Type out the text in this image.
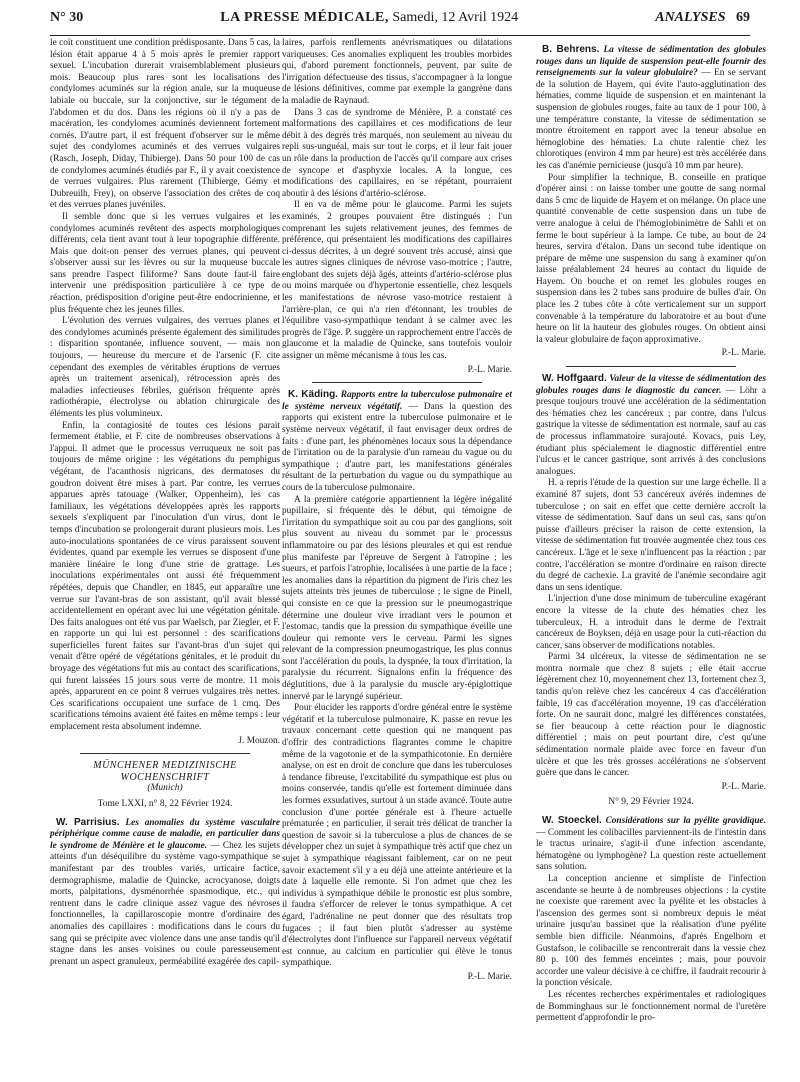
N° 30	LA PRESSE MÉDICALE, Samedi, 12 Avril 1924	ANALYSES 69

le coït constituent une condition prédisposante. Dans 5 cas, la lésion était apparue 4 à 5 mois après le premier rapport sexuel. L'incubation durerait vraisemblablement plusieurs mois. Beaucoup plus rares sont les localisations des condylomes acuminés sur la région anale, sur la muqueuse labiale ou buccale, sur la conjonctive, sur le tégument de l'abdomen et du dos. Dans les régions où il n'y a pas de macération, les condylomes acuminés deviennent fortement cornés. D'autre part, il est fréquent d'observer sur le même sujet des condylomes acuminés et des verrues vulgaires (Rasch, Joseph, Diday, Thibierge). Dans 50 pour 100 de cas de condylomes acuminés étudiés par F., il y avait coexistence de verrues vulgaires. Plus rarement (Thibierge, Gémy et Dubreuilh, Frey), on observe l'association des crêtes de coq et des verrues planes juvéniles.

Il semble donc que si les verrues vulgaires et les condylomes acuminés revêtent des aspects morphologiques différents, cela tient avant tout à leur topographie différente. Mais que doit-on penser des verrues planes, qui peuvent s'observer aussi sur les lèvres ou sur la muqueuse buccale sans prendre l'aspect filiforme? Sans doute faut-il faire intervenir une prédisposition particulière à ce type de réaction, prédisposition d'origine peut-être endocrinienne, et plus fréquente chez les jeunes filles.

L'évolution des verrues vulgaires, des verrues planes et des condylomes acuminés présente également des similitudes : disparition spontanée, influence souvent, — mais non toujours, — heureuse du mercure et de l'arsenic (F. cite cependant des exemples de véritables éruptions de verrues après un traitement arsenical), rétrocession après des maladies infectieuses fébriles, guérison fréquente après radiothérapie, électrolyse ou ablation chirurgicale des éléments les plus volumineux.

Enfin, la contagiosité de toutes ces lésions parait fermement établie, et F. cite de nombreuses observations à l'appui. Il admet que le processus verruqueux ne soit pas toujours de même origine : les végétations du pemphigus végétant, de l'acanthosis nigricans, des dermatoses du goudron doivent être mises à part. Par contre, les verrues apparues après tatouage (Walker, Oppenheim), les cas familiaux, les végétations développées après les rapports sexuels s'expliquent par l'inoculation d'un virus, dont le temps d'incubation se prolongerait durant plusieurs mois. Les auto-inoculations spontanées de ce virus paraissent souvent évidentes, quand par exemple les verrues se disposent d'une manière linéaire le long d'une strie de grattage. Les inoculations expérimentales ont aussi été fréquemment répétées, depuis que Chandler, en 1845, eut apparaître une verrue sur l'avant-bras de son assistant, qu'il avait blessé accidentellement en opérant avec lui une végétation génitale. Des faits analogues ont été vus par Waelsch, par Ziegler, et F. en rapporte un qui lui est personnel : des scarifications superficielles furent faites sur l'avant-bras d'un sujet qui venait d'être opéré de végétations génitales, et le produit du broyage des végétations fut mis au contact des scarifications, qui furent laissées 15 jours sous verre de montre. 11 mois après, apparurent en ce point 8 verrues vulgaires très nettes. Ces scarifications occupaient une surface de 1 cmq. Des scarifications témoins avaient été faites en même temps : leur emplacement resta absolument indemne.

J. Mouzon.

MÜNCHENER MEDIZINISCHE WOCHENSCHRIFT

(Munich)

Tome LXXI, n° 8, 22 Février 1924.

W. Parrisius. Les anomalies du système vasculaire périphérique comme cause de maladie, en particulier dans le syndrome de Ménière et le glaucome. — Chez les sujets atteints d'un déséquilibre du système vago-sympathique se manifestant par des troubles variés, urticaire factice, dermographisme, maladie de Quincke, acrocyanose, doigts morts, palpitations, dysménorrhée spasmodique, etc., qui rentrent dans le cadre clinique assez vague des névroses fonctionnelles, la capillaroscopie montre d'ordinaire des anomalies des capillaires : modifications dans le cours du sang qui se précipite avec violence dans une anse tandis qu'il stagne dans les anses voisines ou coule paresseusement prenant un aspect granuleux, perméabilité exagérée des capil-

laires, parfois renflements anévrismatiques ou dilatations variqueuses. Ces anomalies expliquent les troubles morbides qui, d'abord purement fonctionnels, peuvent, par suite de l'irrigation défectueuse des tissus, s'accompagner à la longue de lésions définitives, comme par exemple la gangrène dans la maladie de Raynaud.

Dans 3 cas de syndrome de Ménière, P. a constaté ces malformations des capillaires et ces modifications de leur débit à des degrés très marqués, non seulement au niveau du repli sus-unguéal, mais sur tout le corps, et il leur fait jouer un rôle dans la production de l'accès qu'il compare aux crises de syncope et d'asphyxie locales. A la longue, ces modifications des capillaires, en se répétant, pourraient aboutir à des lésions d'artério-sclérose.

Il en va de même pour le glaucome. Parmi les sujets examinés, 2 groupes pouvaient être distingués : l'un comprenant les sujets relativement jeunes, des femmes de préférence, qui présentaient les modifications des capillaires ci-dessus décrites, à un degré souvent très accusé, ainsi que les autres signes cliniques de névrose vaso-motrice ; l'autre, englobant des sujets déjà âgés, atteints d'artério-sclérose plus ou moins marquée ou d'hypertonie essentielle, chez lesquels les manifestations de névrose vaso-motrice restaient à l'arrière-plan, ce qui n'a rien d'étonnant, les troubles de l'équilibre vaso-sympathique tendant à se calmer avec les progrès de l'âge. P. suggère un rapprochement entre l'accès de glaucome et la maladie de Quincke, sans toutefois vouloir assigner un même mécanisme à tous les cas.

P.-L. Marie.

K. Käding. Rapports entre la tuberculose pulmonaire et le système nerveux végétatif. — Dans la question des rapports qui existent entre la tuberculose pulmonaire et le système nerveux végétatif, il faut envisager deux ordres de faits : d'une part, les phénomènes locaux sous la dépendance de l'irritation ou de la paralysie d'un rameau du vague ou du sympathique ; d'autre part, les manifestations générales résultant de la perturbation du vague ou du sympathique au cours de la tuberculose pulmonaire.

A la première catégorie appartiennent la légère inégalité pupillaire, si fréquente dès le début, qui témoigne de l'irritation du sympathique soit au cou par des ganglions, soit plus souvent au niveau du sommet par le processus inflammatoire ou par des lésions pleurales et qui est rendue plus manifeste par l'épreuve de Sergent à l'atropine ; les sueurs, et parfois l'atrophie, localisées à une partie de la face ; les anomalies dans la répartition du pigment de l'iris chez les sujets atteints très jeunes de tuberculose ; le signe de Pinell, qui consiste en ce que la pression sur le pneumogastrique détermine une douleur vive irradiant vers le poumon et l'estomac, tandis que la pression du sympathique éveille une douleur qui remonte vers le cerveau. Parmi les signes relevant de la compression pneumogastrique, les plus connus sont l'accélération du pouls, la dyspnée, la toux d'irritation, la paralysie du récurrent. Signalons enfin la fréquence des déglutitions, due à la paralysie du muscle ary-épiglottique innervé par le laryngé supérieur.

Pour élucider les rapports d'ordre général entre le système végétatif et la tuberculose pulmonaire, K. passe en revue les travaux concernant cette question qui ne manquent pas d'offrir des contradictions flagrantes comme le chapitre même de la vagotonie et de la sympathicotonie. En dernière analyse, on est en droit de conclure que dans les tuberculoses à tendance fibreuse, l'excitabilité du sympathique est plus ou moins conservée, tandis qu'elle est fortement diminuée dans les formes exsudatives, surtout à un stade avancé. Toute autre conclusion d'une portée générale est à l'heure actuelle prématurée ; en particulier, il serait très délicat de trancher la question de savoir si la tuberculose a plus de chances de se développer chez un sujet à sympathique très actif que chez un sujet à sympathique réagissant faiblement, car on ne peut savoir exactement s'il y a eu déjà une atteinte antérieure et la date à laquelle elle remonte. Si l'on admet que chez les individus à sympathique débile le pronostic est plus sombre, il faudra s'efforcer de relever le tonus sympathique. A cet égard, l'adrénaline ne peut donner que des résultats trop fugaces ; il faut bien plutôt s'adresser au système d'électrolytes dont l'influence sur l'appareil nerveux végétatif est connue, au calcium en particulier qui élève le tonus sympathique.

P.-L. Marie.

B. Behrens. La vitesse de sédimentation des globules rouges dans un liquide de suspension peut-elle fournir des renseignements sur la valeur globulaire? — En se servant de la solution de Hayem, qui évite l'auto-agglutination des hématies, comme liquide de suspension et en maintenant la suspension de globules rouges, faite au taux de 1 pour 100, à une température constante, la vitesse de sédimentation se montre étroitement en rapport avec la teneur absolue en hémoglobine des hématies. La chute ralentie chez les chlorotiques (environ 4 mm par heure) est très accélérée dans les cas d'anémie pernicieuse (jusqu'à 10 mm par heure).

Pour simplifier la technique, B. conseille en pratique d'opérer ainsi : on laisse tomber une goutte de sang normal dans 5 cmc de liquide de Hayem et on mélange. On place une quantité convenable de cette suspension dans un tube de verre analogue à celui de l'hémoglobinimètre de Sahli et on ferme le bout supérieur à la lampe. Ce tube, au bout de 24 heures, servira d'étalon. Dans un second tube identique on prépare de même une suspension du sang à examiner qu'on laisse préalablement 24 heures au contact du liquide de Hayem. On bouche et on remet les globules rouges en suspension dans les 2 tubes sans produire de bulles d'air. On place les 2 tubes côte à côte verticalement sur un support convenable à la température du laboratoire et au bout d'une heure on lit la hauteur des globules rouges. On obtient ainsi la valeur globulaire de façon approximative.

P.-L. Marie.

W. Hoffgaard. Valeur de la vitesse de sédimentation des globules rouges dans le diagnostic du cancer. — Löhr a presque toujours trouvé une accélération de la sédimentation des hématies chez les cancéreux ; par contre, dans l'ulcus gastrique la vitesse de sédimentation est normale, sauf au cas de processus inflammatoire surajouté. Kovacs, puis Ley, étudiant plus spécialement le diagnostic différentiel entre l'ulcus et le cancer gastrique, sont arrivés à des conclusions analogues.

H. a repris l'étude de la question sur une large échelle. Il a examiné 87 sujets, dont 53 cancéreux avérés indemnes de tuberculose ; on sait en effet que cette dernière accroît la vitesse de sédimentation. Sauf dans un seul cas, sans qu'on puisse d'ailleurs préciser la raison de cette extension, la vitesse de sédimentation fut trouvée augmentée chez tous ces cancéreux. L'âge et le sexe n'influencent pas la réaction ; par contre, l'accélération se montre d'ordinaire en raison directe du degré de cachexie. La gravité de l'anémie secondaire agit dans un sens identique.

L'injection d'une dose minimum de tuberculine exagérant encore la vitesse de la chute des hématies chez les tuberculeux, H. a introduit dans le derme de l'extrait cancéreux de Boyksen, déjà en usage pour la cuti-réaction du cancer, sans observer de modifications notables.

Parmi 34 ulcéreux, la vitesse de sédimentation ne se montra normale que chez 8 sujets ; elle était accrue légèrement chez 10, moyennement chez 13, fortement chez 3, tandis qu'on relève chez les cancéreux 4 cas d'accélération faible, 19 cas d'accélération moyenne, 19 cas d'accélération forte. On ne saurait donc, malgré les différences constatées, se fier beaucoup à cette réaction pour le diagnostic différentiel ; mais on peut pourtant dire, c'est qu'une sédimentation normale plaide avec force en faveur d'un ulcère et que les très grosses accélérations ne s'observent guère que dans le cancer.

P.-L. Marie.

N° 9, 29 Février 1924.

W. Stoeckel. Considérations sur la pyélite gravidique. — Comment les colibacilles parviennent-ils de l'intestin dans le tractus urinaire, s'agit-il d'une infection ascendante, hématogène ou lymphogène? La question reste actuellement sans solution.

La conception ancienne et simpliste de l'infection ascendante se heurte à de nombreuses objections : la cystite ne coexiste que rarement avec la pyélite et les obstacles à l'ascension des germes sont si nombreux depuis le méat urinaire jusqu'au bassinet que la réalisation d'une pyélite semble bien difficile. Néanmoins, d'après Engelhorn et Gustafson, le colibacille se rencontrerait dans la vessie chez 80 p. 100 des femmes enceintes ; mais, pour pouvoir accorder une valeur décisive à ce chiffre, il faudrait recourir à la ponction vésicale.

Les récentes recherches expérimentales et radiologiques de Bomminghaus sur le fonctionnement normal de l'uretère permettent d'approfondir le pro-
